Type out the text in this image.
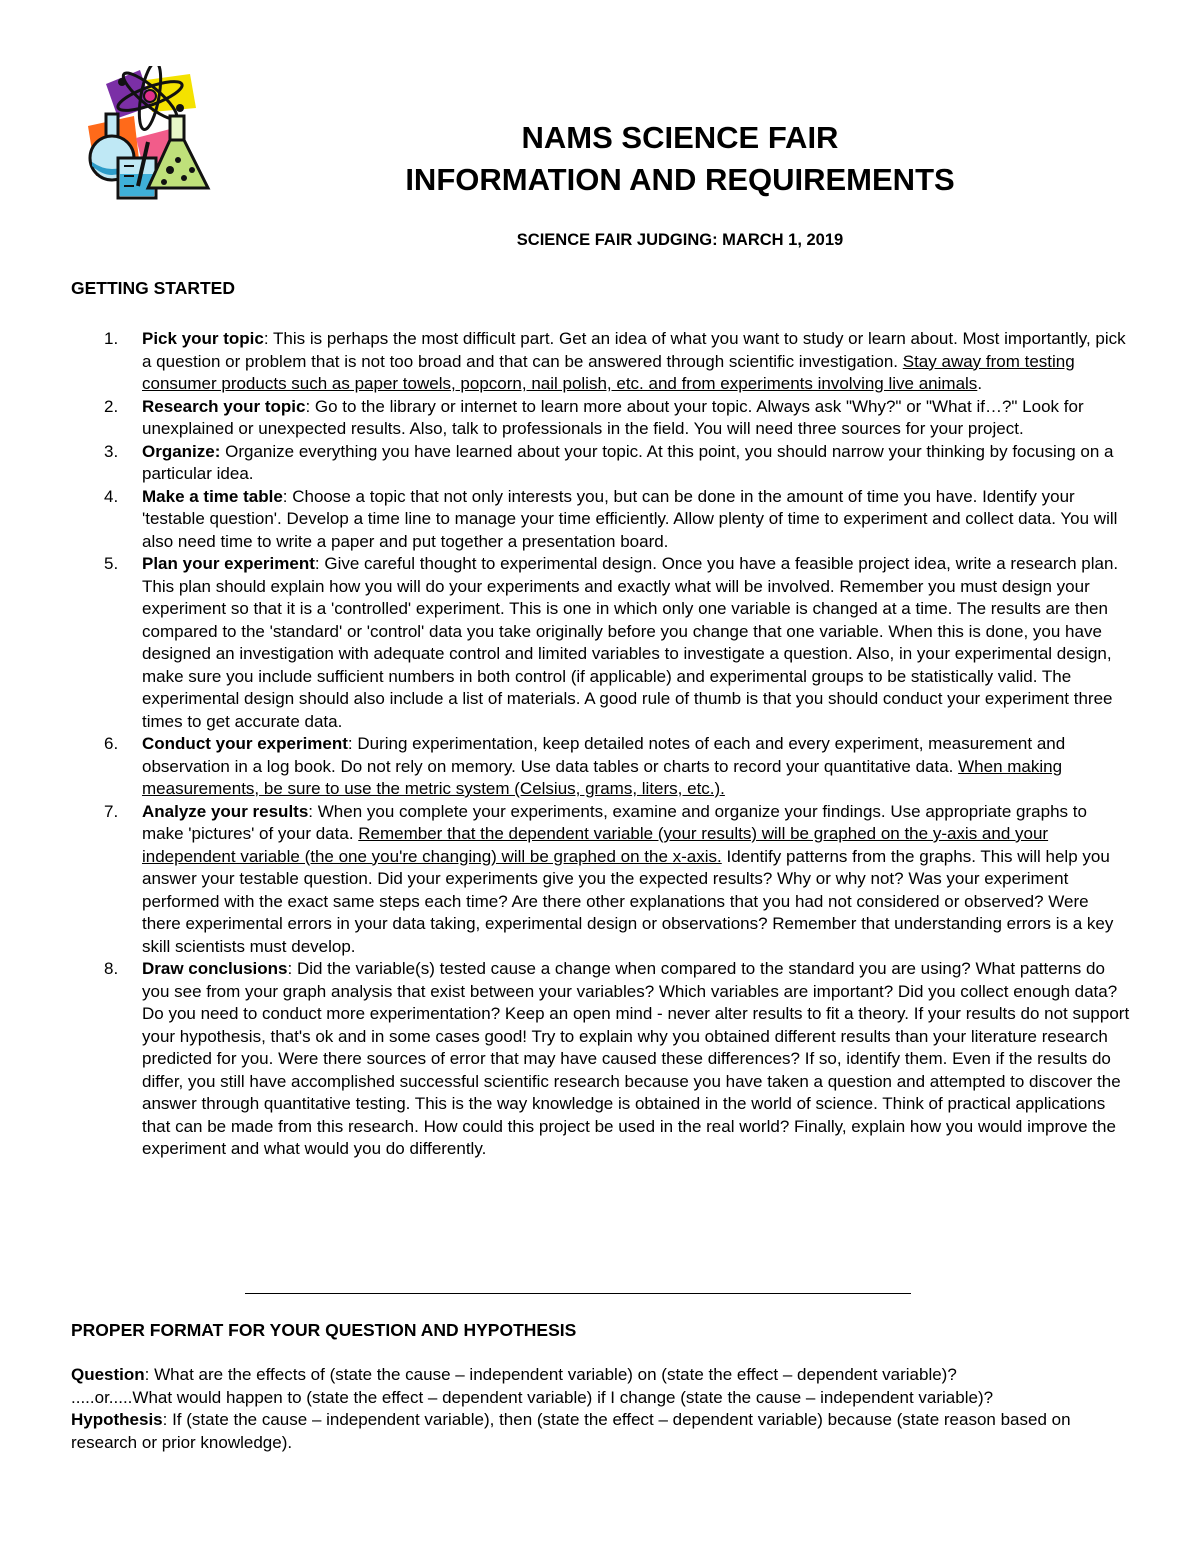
NAMS SCIENCE FAIR
INFORMATION AND REQUIREMENTS
SCIENCE FAIR JUDGING: MARCH 1, 2019
GETTING STARTED
1.	Pick your topic: This is perhaps the most difficult part. Get an idea of what you want to study or learn about. Most importantly, pick a question or problem that is not too broad and that can be answered through scientific investigation. Stay away from testing consumer products such as paper towels, popcorn, nail polish, etc. and from experiments involving live animals.
2.	Research your topic: Go to the library or internet to learn more about your topic. Always ask "Why?" or "What if…?" Look for unexplained or unexpected results. Also, talk to professionals in the field. You will need three sources for your project.
3.	Organize: Organize everything you have learned about your topic. At this point, you should narrow your thinking by focusing on a particular idea.
4.	Make a time table: Choose a topic that not only interests you, but can be done in the amount of time you have. Identify your 'testable question'. Develop a time line to manage your time efficiently. Allow plenty of time to experiment and collect data. You will also need time to write a paper and put together a presentation board.
5.	Plan your experiment: Give careful thought to experimental design. Once you have a feasible project idea, write a research plan. This plan should explain how you will do your experiments and exactly what will be involved. Remember you must design your experiment so that it is a 'controlled' experiment. This is one in which only one variable is changed at a time. The results are then compared to the 'standard' or 'control' data you take originally before you change that one variable. When this is done, you have designed an investigation with adequate control and limited variables to investigate a question. Also, in your experimental design, make sure you include sufficient numbers in both control (if applicable) and experimental groups to be statistically valid. The experimental design should also include a list of materials. A good rule of thumb is that you should conduct your experiment three times to get accurate data.
6.	Conduct your experiment: During experimentation, keep detailed notes of each and every experiment, measurement and observation in a log book. Do not rely on memory. Use data tables or charts to record your quantitative data. When making measurements, be sure to use the metric system (Celsius, grams, liters, etc.).
7.	Analyze your results: When you complete your experiments, examine and organize your findings. Use appropriate graphs to make 'pictures' of your data. Remember that the dependent variable (your results) will be graphed on the y-axis and your independent variable (the one you're changing) will be graphed on the x-axis. Identify patterns from the graphs. This will help you answer your testable question. Did your experiments give you the expected results? Why or why not? Was your experiment performed with the exact same steps each time? Are there other explanations that you had not considered or observed? Were there experimental errors in your data taking, experimental design or observations? Remember that understanding errors is a key skill scientists must develop.
8.	Draw conclusions: Did the variable(s) tested cause a change when compared to the standard you are using? What patterns do you see from your graph analysis that exist between your variables? Which variables are important? Did you collect enough data? Do you need to conduct more experimentation? Keep an open mind - never alter results to fit a theory. If your results do not support your hypothesis, that's ok and in some cases good! Try to explain why you obtained different results than your literature research predicted for you. Were there sources of error that may have caused these differences? If so, identify them. Even if the results do differ, you still have accomplished successful scientific research because you have taken a question and attempted to discover the answer through quantitative testing. This is the way knowledge is obtained in the world of science. Think of practical applications that can be made from this research. How could this project be used in the real world? Finally, explain how you would improve the experiment and what would you do differently.
PROPER FORMAT FOR YOUR QUESTION AND HYPOTHESIS

Question: What are the effects of (state the cause – independent variable) on (state the effect – dependent variable)?

.....or.....What would happen to (state the effect – dependent variable) if I change (state the cause – independent variable)?

Hypothesis: If (state the cause – independent variable), then (state the effect – dependent variable) because (state reason based on research or prior knowledge).
